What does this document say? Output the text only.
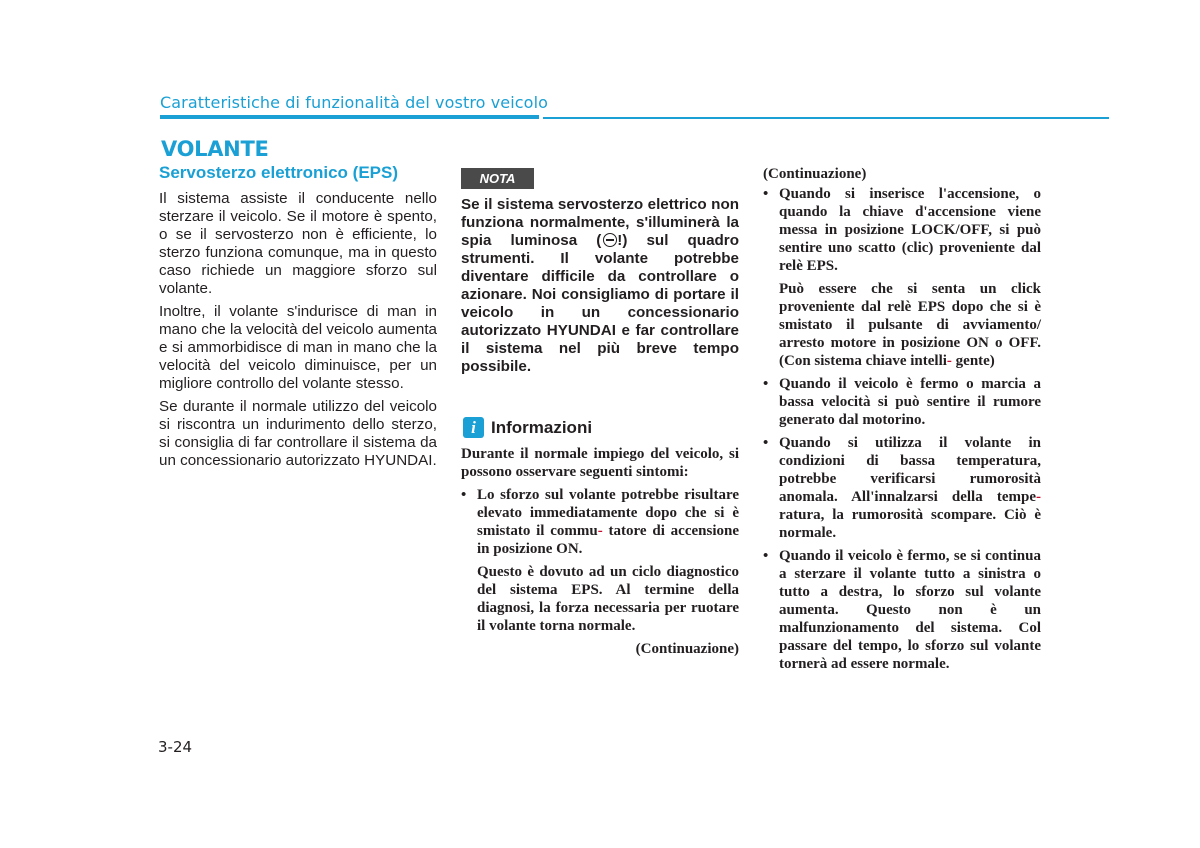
Caratteristiche di funzionalità del vostro veicolo
VOLANTE
Servosterzo elettronico (EPS)

Il sistema assiste il conducente nello sterzare il veicolo. Se il motore è spento, o se il servosterzo non è efficiente, lo sterzo funziona comunque, ma in questo caso richiede un maggiore sforzo sul volante.

Inoltre, il volante s'indurisce di man in mano che la velocità del veicolo aumenta e si ammorbidisce di man in mano che la velocità del veicolo diminuisce, per un migliore controllo del volante stesso.

Se durante il normale utilizzo del veicolo si riscontra un indurimento dello sterzo, si consiglia di far controllare il sistema da un concessionario autorizzato HYUNDAI.

NOTA
Se il sistema servosterzo elettrico non funziona normalmente, s'illuminerà la spia luminosa ( !) sul quadro strumenti. Il volante potrebbe diventare difficile da controllare o azionare. Noi consigliamo di portare il veicolo in un concessionario autorizzato HYUNDAI e far controllare il sistema nel più breve tempo possibile.
i Informazioni

Durante il normale impiego del veicolo, si possono osservare seguenti sintomi:

• Lo sforzo sul volante potrebbe risultare elevato immediatamente dopo che si è smistato il commu- tatore di accensione in posizione ON.

Questo è dovuto ad un ciclo diagnostico del sistema EPS. Al termine della diagnosi, la forza necessaria per ruotare il volante torna normale.

(Continuazione)

(Continuazione)

• Quando si inserisce l'accensione, o quando la chiave d'accensione viene messa in posizione LOCK/OFF, si può sentire uno scatto (clic) proveniente dal relè EPS.

Può essere che si senta un click proveniente dal relè EPS dopo che si è smistato il pulsante di avviamento/ arresto motore in posizione ON o OFF. (Con sistema chiave intelli- gente)

• Quando il veicolo è fermo o marcia a bassa velocità si può sentire il rumore generato dal motorino.
• Quando si utilizza il volante in condizioni di bassa temperatura, potrebbe verificarsi rumorosità anomala. All'innalzarsi della tempe- ratura, la rumorosità scompare. Ciò è normale.
• Quando il veicolo è fermo, se si continua a sterzare il volante tutto a sinistra o tutto a destra, lo sforzo sul volante aumenta. Questo non è un malfunzionamento del sistema. Col passare del tempo, lo sforzo sul volante tornerà ad essere normale.
3-24
